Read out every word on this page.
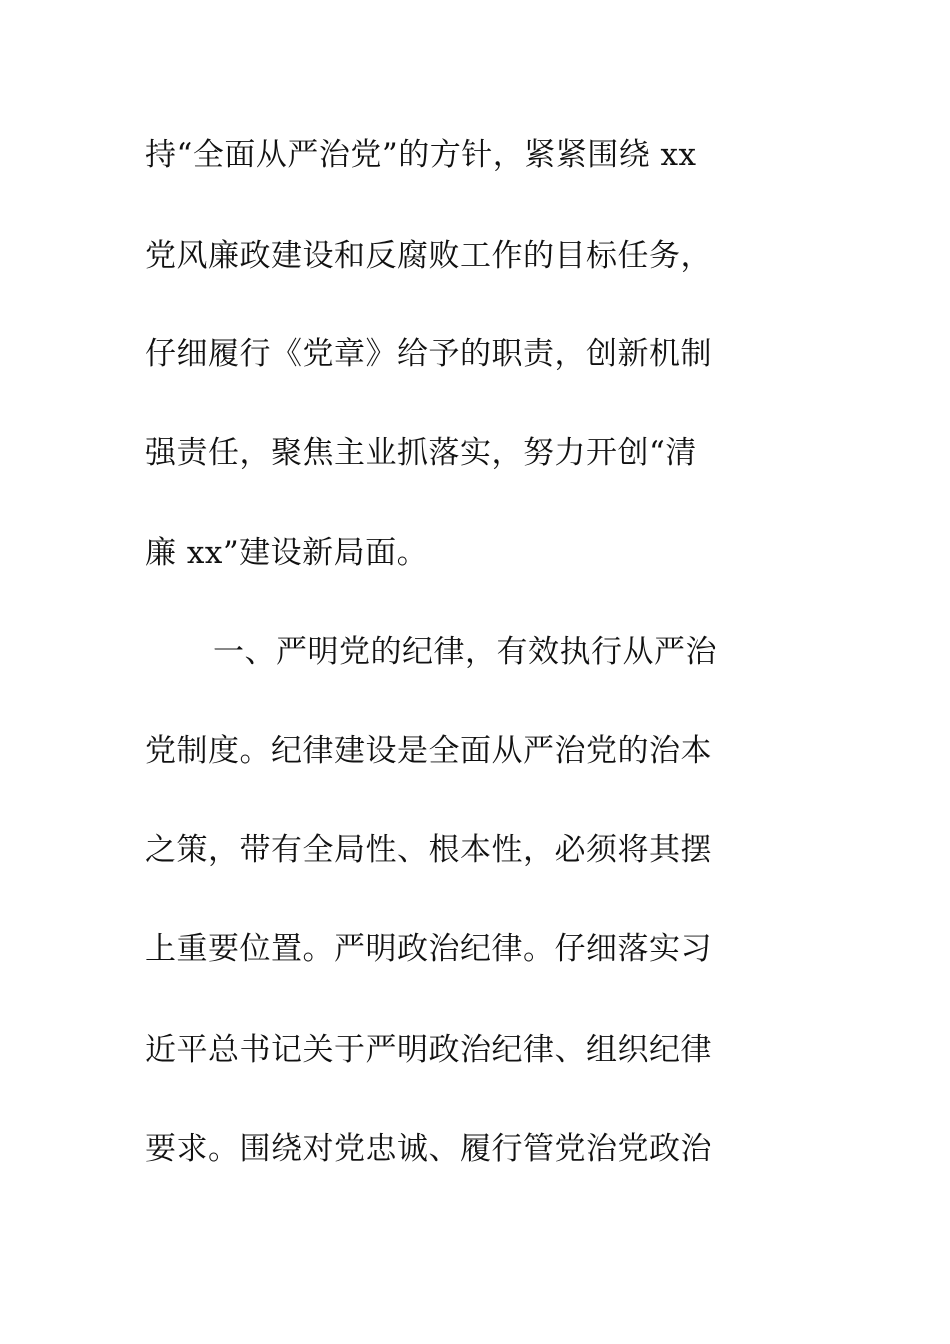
持“全面从严治党”的方针，紧紧围绕 xx
党风廉政建设和反腐败工作的目标任务，
仔细履行《党章》给予的职责，创新机制
强责任，聚焦主业抓落实，努力开创“清
廉 xx”建设新局面。
一、严明党的纪律，有效执行从严治
党制度。纪律建设是全面从严治党的治本
之策，带有全局性、根本性，必须将其摆
上重要位置。严明政治纪律。仔细落实习
近平总书记关于严明政治纪律、组织纪律
要求。围绕对党忠诚、履行管党治党政治
